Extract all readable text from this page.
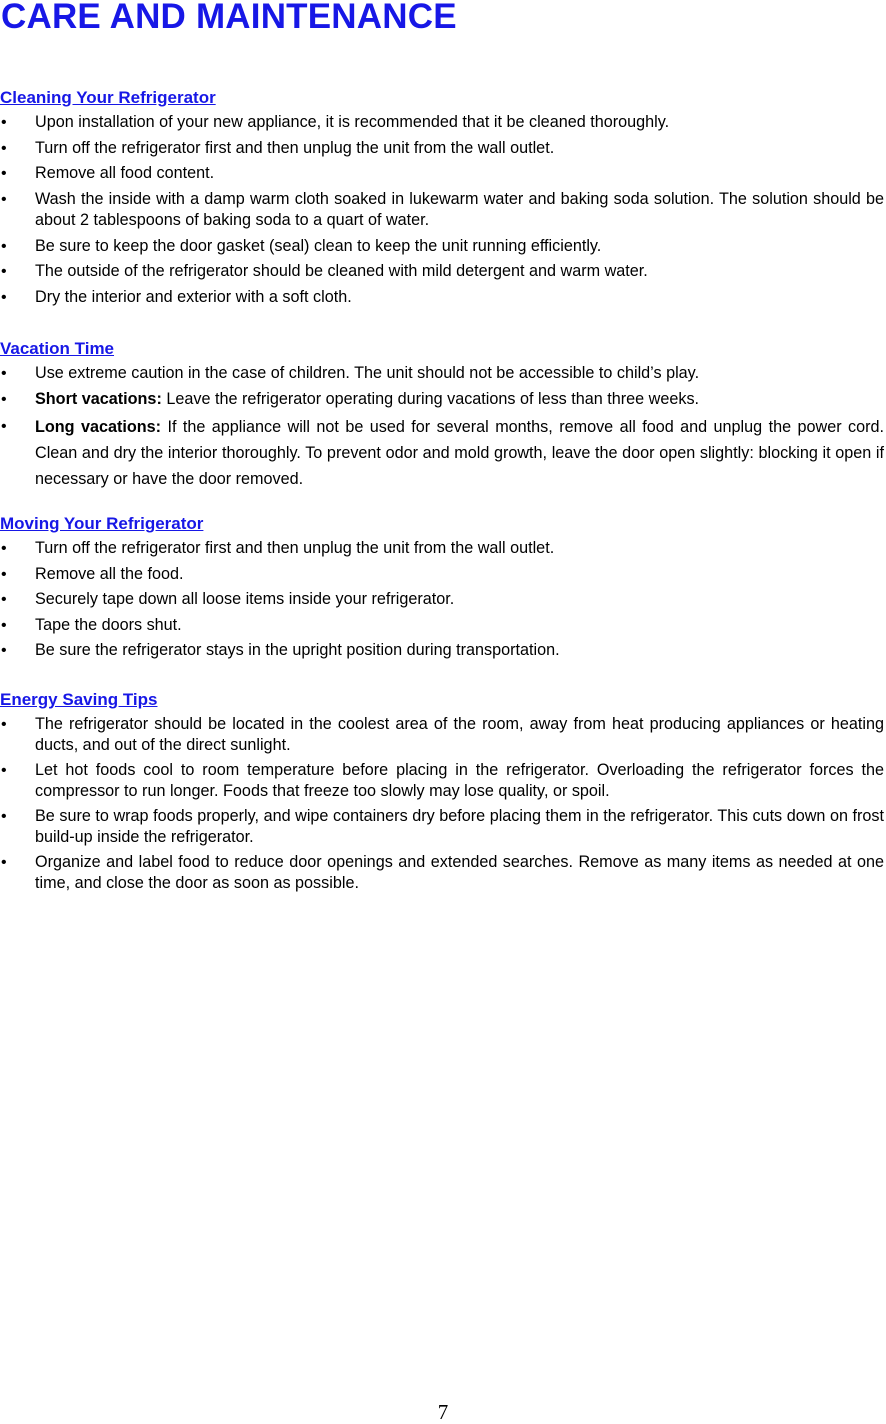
CARE AND MAINTENANCE
Cleaning Your Refrigerator
• Upon installation of your new appliance, it is recommended that it be cleaned thoroughly.
• Turn off the refrigerator first and then unplug the unit from the wall outlet.
• Remove all food content.
• Wash the inside with a damp warm cloth soaked in lukewarm water and baking soda solution. The solution should be about 2 tablespoons of baking soda to a quart of water.
• Be sure to keep the door gasket (seal) clean to keep the unit running efficiently.
• The outside of the refrigerator should be cleaned with mild detergent and warm water.
• Dry the interior and exterior with a soft cloth.
Vacation Time
• Use extreme caution in the case of children. The unit should not be accessible to child’s play.
• Short vacations: Leave the refrigerator operating during vacations of less than three weeks.
• Long vacations: If the appliance will not be used for several months, remove all food and unplug the power cord. Clean and dry the interior thoroughly. To prevent odor and mold growth, leave the door open slightly: blocking it open if necessary or have the door removed.
Moving Your Refrigerator
• Turn off the refrigerator first and then unplug the unit from the wall outlet.
• Remove all the food.
• Securely tape down all loose items inside your refrigerator.
• Tape the doors shut.
• Be sure the refrigerator stays in the upright position during transportation.
Energy Saving Tips
• The refrigerator should be located in the coolest area of the room, away from heat producing appliances or heating ducts, and out of the direct sunlight.
• Let hot foods cool to room temperature before placing in the refrigerator. Overloading the refrigerator forces the compressor to run longer. Foods that freeze too slowly may lose quality, or spoil.
• Be sure to wrap foods properly, and wipe containers dry before placing them in the refrigerator. This cuts down on frost build-up inside the refrigerator.
• Organize and label food to reduce door openings and extended searches. Remove as many items as needed at one time, and close the door as soon as possible.
7
